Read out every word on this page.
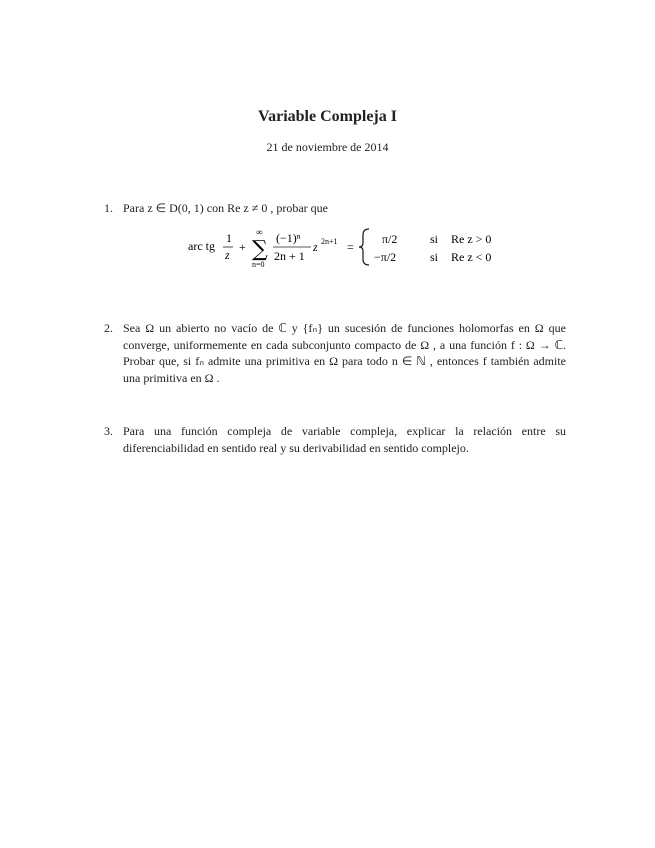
Variable Compleja I
21 de noviembre de 2014
1. Para z ∈ D(0, 1) con Re z ≠ 0 , probar que
arc tg
1
z
+
∞
∑
n=0
(−1)ⁿ
2n + 1
z 2n+1 =
π/2	si Re z > 0
−π/2	si Re z < 0
2. Sea Ω un abierto no vacío de ℂ y {fₙ} un sucesión de funciones holomorfas en Ω que converge, uniformemente en cada subconjunto compacto de Ω , a una función f : Ω → ℂ. Probar que, si fₙ admite una primitiva en Ω para todo n ∈ ℕ , entonces f también admite una primitiva en Ω .
3. Para una función compleja de variable compleja, explicar la relación entre su diferenciabilidad en sentido real y su derivabilidad en sentido complejo.
